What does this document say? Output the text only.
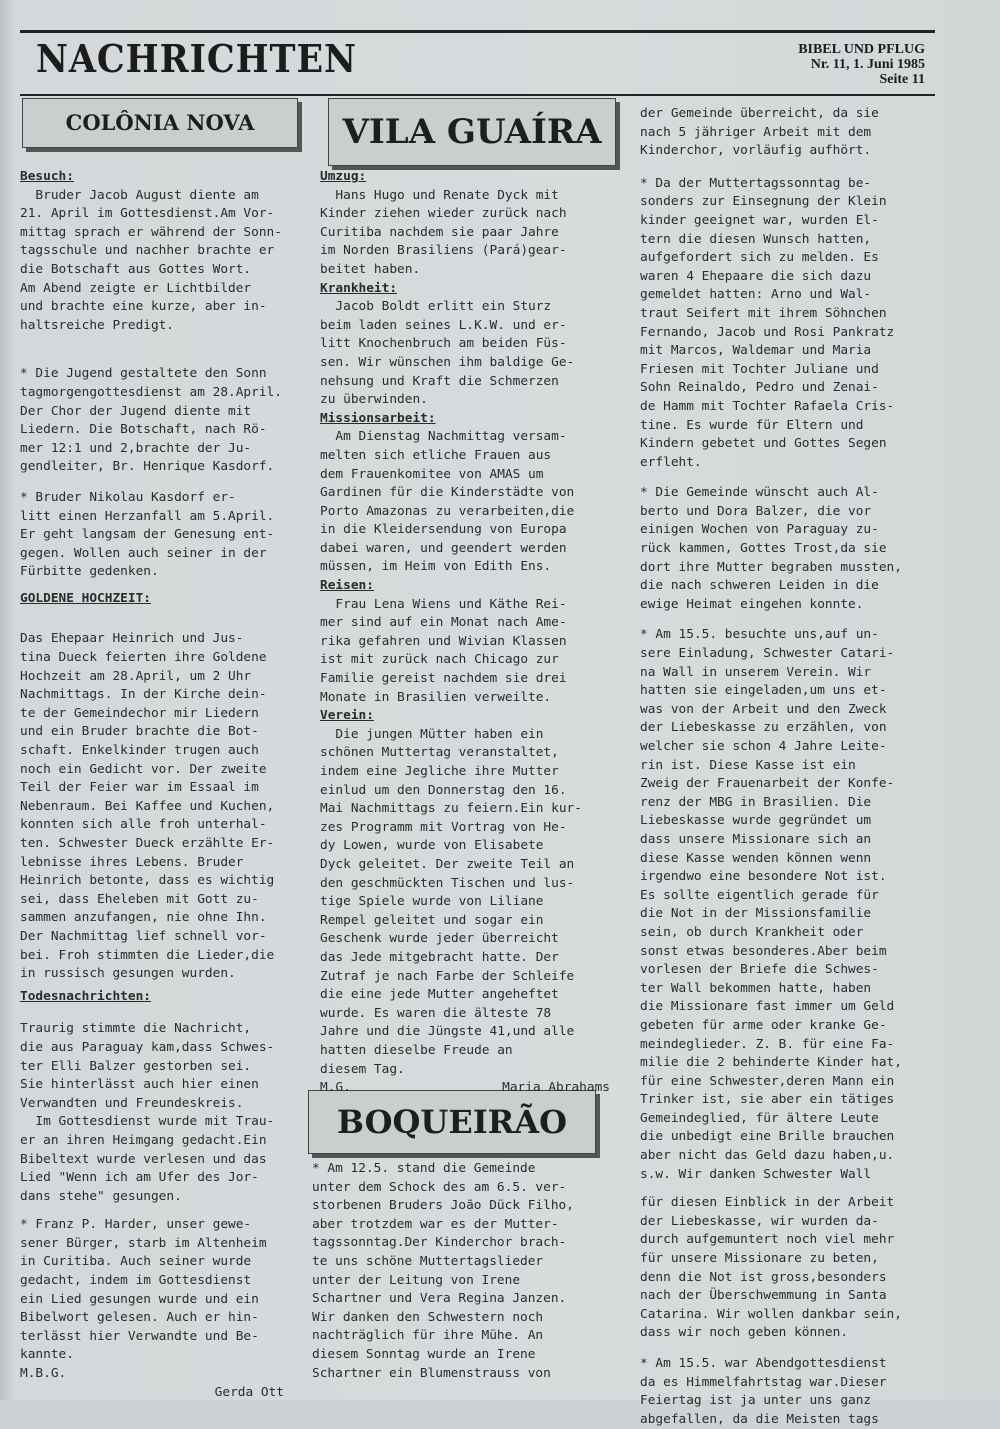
NACHRICHTEN	BIBEL UND PFLUG
Nr. 11, 1. Juni 1985
Seite 11
COLÔNIA NOVA	VILA GUAÍRA
BOQUEIRÃO
Besuch:

Bruder Jacob August diente am

21. April im Gottesdienst.Am Vor-

mittag sprach er während der Sonn-

tagsschule und nachher brachte er

die Botschaft aus Gottes Wort.

Am Abend zeigte er Lichtbilder

und brachte eine kurze, aber in-

haltsreiche Predigt.

* Die Jugend gestaltete den Sonn

tagmorgengottesdienst am 28.April.

Der Chor der Jugend diente mit

Liedern. Die Botschaft, nach Rö-

mer 12:1 und 2,brachte der Ju-

gendleiter, Br. Henrique Kasdorf.

* Bruder Nikolau Kasdorf er-

litt einen Herzanfall am 5.April.

Er geht langsam der Genesung ent-

gegen. Wollen auch seiner in der

Fürbitte gedenken.

GOLDENE HOCHZEIT:

Das Ehepaar Heinrich und Jus-

tina Dueck feierten ihre Goldene

Hochzeit am 28.April, um 2 Uhr

Nachmittags. In der Kirche dein-

te der Gemeindechor mir Liedern

und ein Bruder brachte die Bot-

schaft. Enkelkinder trugen auch

noch ein Gedicht vor. Der zweite

Teil der Feier war im Essaal im

Nebenraum. Bei Kaffee und Kuchen,

konnten sich alle froh unterhal-

ten. Schwester Dueck erzählte Er-

lebnisse ihres Lebens. Bruder

Heinrich betonte, dass es wichtig

sei, dass Eheleben mit Gott zu-

sammen anzufangen, nie ohne Ihn.

Der Nachmittag lief schnell vor-

bei. Froh stimmten die Lieder,die

in russisch gesungen wurden.

Todesnachrichten:

Traurig stimmte die Nachricht,

die aus Paraguay kam,dass Schwes-

ter Elli Balzer gestorben sei.

Sie hinterlässt auch hier einen

Verwandten und Freundeskreis.

Im Gottesdienst wurde mit Trau-

er an ihren Heimgang gedacht.Ein

Bibeltext wurde verlesen und das

Lied "Wenn ich am Ufer des Jor-

dans stehe" gesungen.

* Franz P. Harder, unser gewe-

sener Bürger, starb im Altenheim

in Curitiba. Auch seiner wurde

gedacht, indem im Gottesdienst

ein Lied gesungen wurde und ein

Bibelwort gelesen. Auch er hin-

terlässt hier Verwandte und Be-

kannte.

M.B.G.
Gerda Ott
Umzug:

Hans Hugo und Renate Dyck mit

Kinder ziehen wieder zurück nach

Curitiba nachdem sie paar Jahre

im Norden Brasiliens (Pará)gear-

beitet haben.

Krankheit:

Jacob Boldt erlitt ein Sturz

beim laden seines L.K.W. und er-

litt Knochenbruch am beiden Füs-

sen. Wir wünschen ihm baldige Ge-

nehsung und Kraft die Schmerzen

zu überwinden.

Missionsarbeit:

Am Dienstag Nachmittag versam-

melten sich etliche Frauen aus

dem Frauenkomitee von AMAS um

Gardinen für die Kinderstädte von

Porto Amazonas zu verarbeiten,die

in die Kleidersendung von Europa

dabei waren, und geendert werden

müssen, im Heim von Edith Ens.

Reisen:

Frau Lena Wiens und Käthe Rei-

mer sind auf ein Monat nach Ame-

rika gefahren und Wivian Klassen

ist mit zurück nach Chicago zur

Familie gereist nachdem sie drei

Monate in Brasilien verweilte.

Verein:

Die jungen Mütter haben ein

schönen Muttertag veranstaltet,

indem eine Jegliche ihre Mutter

einlud um den Donnerstag den 16.

Mai Nachmittags zu feiern.Ein kur-

zes Programm mit Vortrag von He-

dy Lowen, wurde von Elisabete

Dyck geleitet. Der zweite Teil an

den geschmückten Tischen und lus-

tige Spiele wurde von Liliane

Rempel geleitet und sogar ein

Geschenk wurde jeder überreicht

das Jede mitgebracht hatte. Der

Zutraf je nach Farbe der Schleife

die eine jede Mutter angeheftet

wurde. Es waren die älteste 78

Jahre und die Jüngste 41,und alle

hatten dieselbe Freude an

diesem Tag.

M.G.	Maria Abrahams

* Am 12.5. stand die Gemeinde

unter dem Schock des am 6.5. ver-

storbenen Bruders João Dück Filho,

aber trotzdem war es der Mutter-

tagssonntag.Der Kinderchor brach-

te uns schöne Muttertagslieder

unter der Leitung von Irene

Schartner und Vera Regina Janzen.

Wir danken den Schwestern noch

nachträglich für ihre Mühe. An

diesem Sonntag wurde an Irene

Schartner ein Blumenstrauss von

der Gemeinde überreicht, da sie

nach 5 jähriger Arbeit mit dem

Kinderchor, vorläufig aufhört.

* Da der Muttertagssonntag be-

sonders zur Einsegnung der Klein

kinder geeignet war, wurden El-

tern die diesen Wunsch hatten,

aufgefordert sich zu melden. Es

waren 4 Ehepaare die sich dazu

gemeldet hatten: Arno und Wal-

traut Seifert mit ihrem Söhnchen

Fernando, Jacob und Rosi Pankratz

mit Marcos, Waldemar und Maria

Friesen mit Tochter Juliane und

Sohn Reinaldo, Pedro und Zenai-

de Hamm mit Tochter Rafaela Cris-

tine. Es wurde für Eltern und

Kindern gebetet und Gottes Segen

erfleht.

* Die Gemeinde wünscht auch Al-

berto und Dora Balzer, die vor

einigen Wochen von Paraguay zu-

rück kammen, Gottes Trost,da sie

dort ihre Mutter begraben mussten,

die nach schweren Leiden in die

ewige Heimat eingehen konnte.

* Am 15.5. besuchte uns,auf un-

sere Einladung, Schwester Catari-

na Wall in unserem Verein. Wir

hatten sie eingeladen,um uns et-

was von der Arbeit und den Zweck

der Liebeskasse zu erzählen, von

welcher sie schon 4 Jahre Leite-

rin ist. Diese Kasse ist ein

Zweig der Frauenarbeit der Konfe-

renz der MBG in Brasilien. Die

Liebeskasse wurde gegründet um

dass unsere Missionare sich an

diese Kasse wenden können wenn

irgendwo eine besondere Not ist.

Es sollte eigentlich gerade für

die Not in der Missionsfamilie

sein, ob durch Krankheit oder

sonst etwas besonderes.Aber beim

vorlesen der Briefe die Schwes-

ter Wall bekommen hatte, haben

die Missionare fast immer um Geld

gebeten für arme oder kranke Ge-

meindeglieder. Z. B. für eine Fa-

milie die 2 behinderte Kinder hat,

für eine Schwester,deren Mann ein

Trinker ist, sie aber ein tätiges

Gemeindeglied, für ältere Leute

die unbedigt eine Brille brauchen

aber nicht das Geld dazu haben,u.

s.w. Wir danken Schwester Wall

für diesen Einblick in der Arbeit

der Liebeskasse, wir wurden da-

durch aufgemuntert noch viel mehr

für unsere Missionare zu beten,

denn die Not ist gross,besonders

nach der Überschwemmung in Santa

Catarina. Wir wollen dankbar sein,

dass wir noch geben können.

* Am 15.5. war Abendgottesdienst

da es Himmelfahrtstag war.Dieser

Feiertag ist ja unter uns ganz

abgefallen, da die Meisten tags
